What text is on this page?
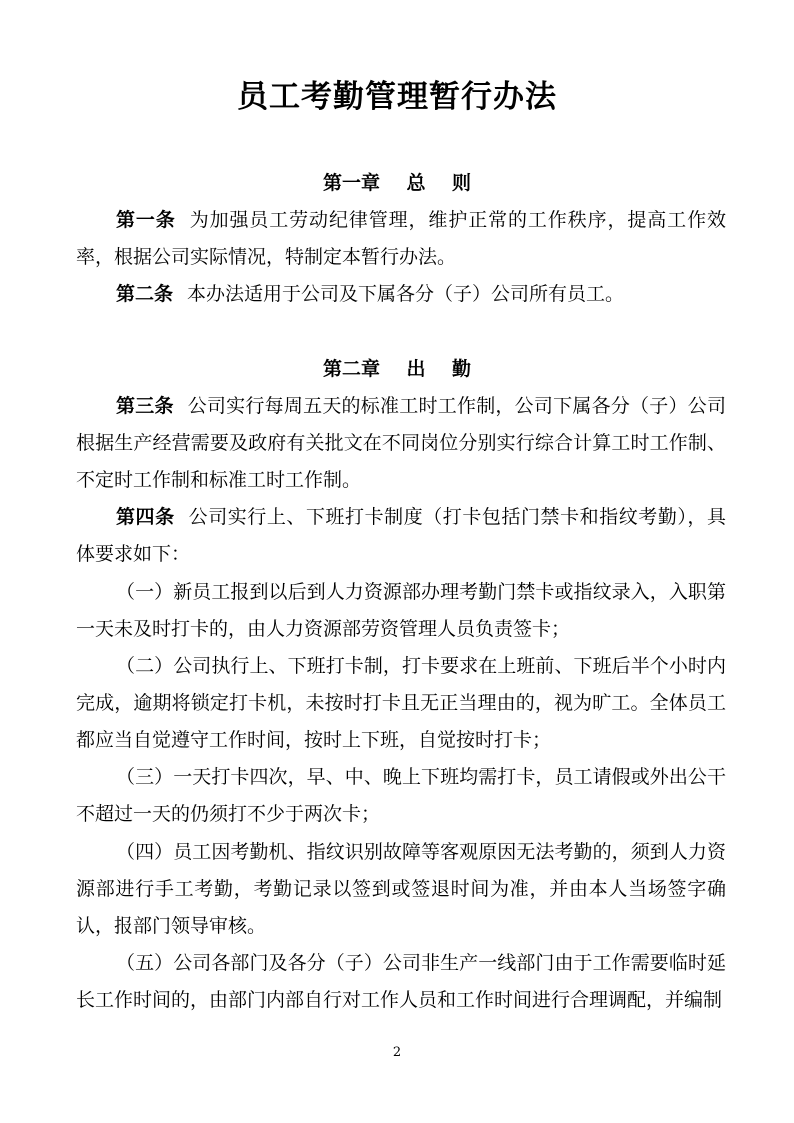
员工考勤管理暂行办法
第一章    总    则

第一条 为加强员工劳动纪律管理，维护正常的工作秩序，提高工作效率，根据公司实际情况，特制定本暂行办法。

第二条 本办法适用于公司及下属各分（子）公司所有员工。

第二章    出    勤

第三条 公司实行每周五天的标准工时工作制，公司下属各分（子）公司根据生产经营需要及政府有关批文在不同岗位分别实行综合计算工时工作制、不定时工作制和标准工时工作制。

第四条 公司实行上、下班打卡制度（打卡包括门禁卡和指纹考勤），具体要求如下：

（一）新员工报到以后到人力资源部办理考勤门禁卡或指纹录入，入职第一天未及时打卡的，由人力资源部劳资管理人员负责签卡；

（二）公司执行上、下班打卡制，打卡要求在上班前、下班后半个小时内完成，逾期将锁定打卡机，未按时打卡且无正当理由的，视为旷工。全体员工都应当自觉遵守工作时间，按时上下班，自觉按时打卡；

（三）一天打卡四次，早、中、晚上下班均需打卡，员工请假或外出公干不超过一天的仍须打不少于两次卡；

（四）员工因考勤机、指纹识别故障等客观原因无法考勤的，须到人力资源部进行手工考勤，考勤记录以签到或签退时间为准，并由本人当场签字确认，报部门领导审核。

（五）公司各部门及各分（子）公司非生产一线部门由于工作需要临时延长工作时间的，由部门内部自行对工作人员和工作时间进行合理调配，并编制

2
